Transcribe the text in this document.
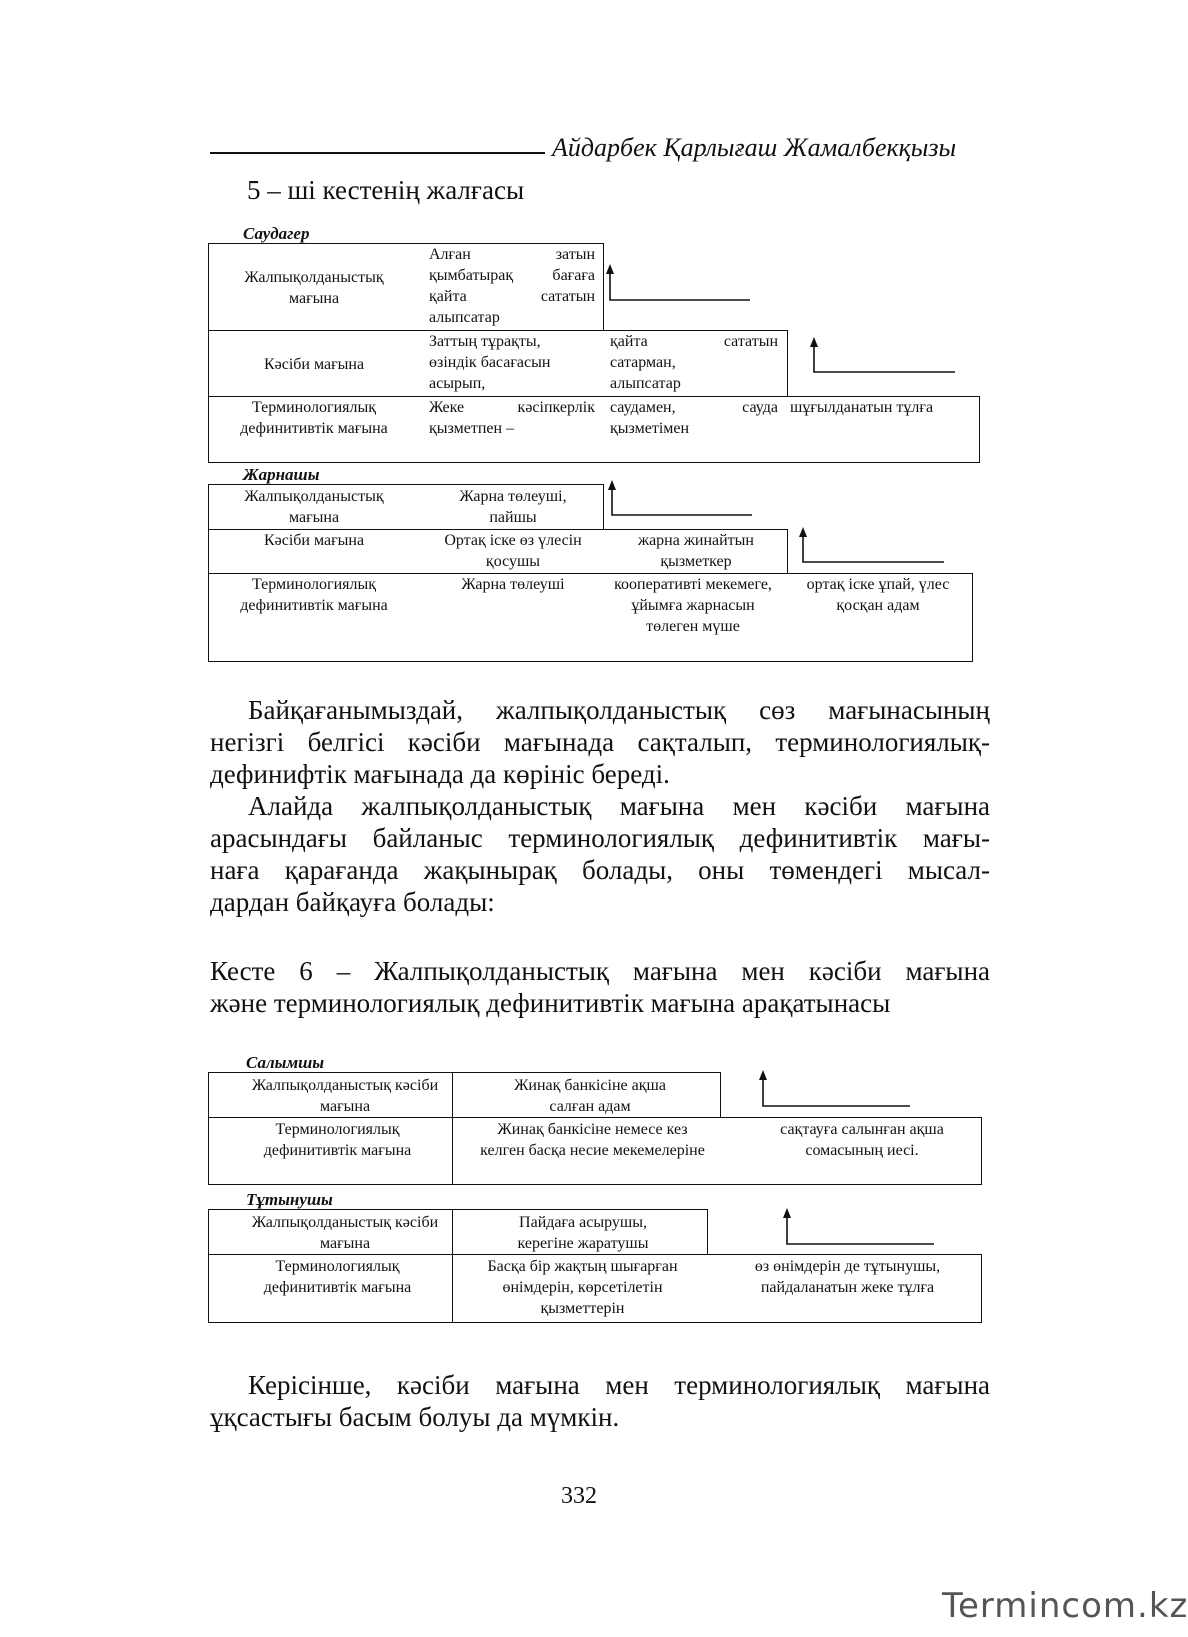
Айдарбек Қарлығаш Жамалбекқызы
5 – ші кестенің жалғасы
Саудагер
Жалпықолданыстық мағына
Алған затын
қымбатырақ бағаға
қайта сататын
алыпсатар
Кәсіби мағына
Заттың тұрақты,
өзіндік басағасын
асырып,
қайта сататын
сатарман,
алыпсатар
Терминологиялық дефинитивтік мағына
Жеке кәсіпкерлік
қызметпен –
саудамен, сауда
қызметімен
шұғылданатын тұлға
Жарнашы
Жалпықолданыстық мағына
Жарна төлеуші, пайшы
Кәсіби мағына	Ортақ іске өз үлесін қосушы
жарна жинайтын қызметкер
Терминологиялық дефинитивтік мағына
Жарна төлеуші	кооперативті мекемеге, ұйымға жарнасын төлеген мүше
ортақ іске ұпай, үлес қосқан адам
Байқағанымыздай, жалпықолданыстық сөз мағынасының
негізгі белгісі кәсіби мағынада сақталып, терминологиялық-
дефинифтік мағынада да көрініс береді.
Алайда жалпықолданыстық мағына мен кәсіби мағына
арасындағы байланыс терминологиялық дефинитивтік мағы-
наға қарағанда жақынырақ болады, оны төмендегі мысал-
дардан байқауға болады:
Кесте 6 – Жалпықолданыстық мағына мен кәсіби мағына
және терминологиялық дефинитивтік мағына арақатынасы
Салымшы
Жалпықолданыстық кәсіби мағына
Жинақ банкісіне ақша салған адам
Терминологиялық дефинитивтік мағына
Жинақ банкісіне немесе кез келген басқа несие мекемелеріне
сақтауға салынған ақша сомасының иесі.
Тұтынушы
Жалпықолданыстық кәсіби мағына
Пайдаға асырушы, керегіне жаратушы
Терминологиялық дефинитивтік мағына
Басқа бір жақтың шығарған өнімдерін, көрсетілетін қызметтерін
өз өнімдерін де тұтынушы, пайдаланатын жеке тұлға
Керісінше, кәсіби мағына мен терминологиялық мағына
ұқсастығы басым болуы да мүмкін.
332
Termincom.kz
